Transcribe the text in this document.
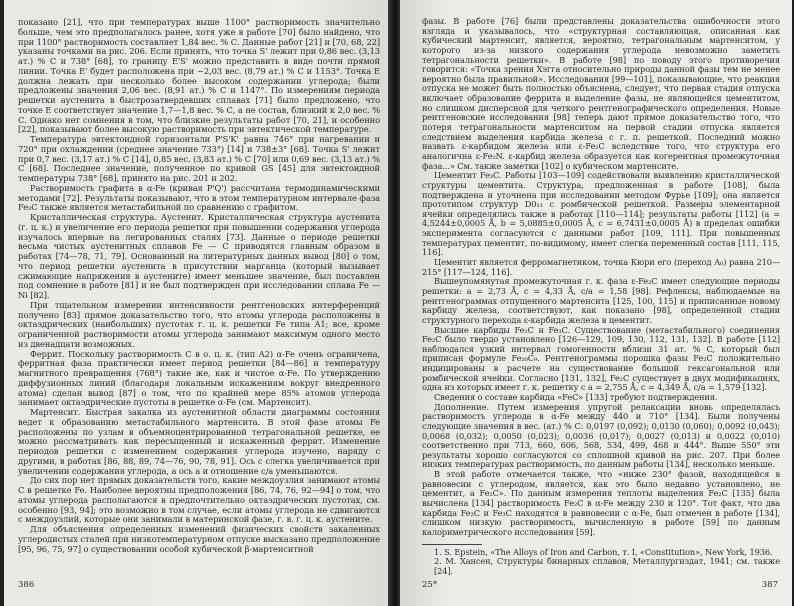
показано [21], что при температурах выше 1100° растворимость значительно больше, чем это предполагалось ранее, хотя уже в работе [70] было найдено, что при 1100° растворимость составляет 1,84 вес. % С. Данные работ [21] и [70, 68, 22] указаны точками на рис. 206. Если принять, что точка S' лежит при 0,86 вес. (3,13 ат.) % С и 738° [68], то границу E'S' можно представить в виде почти прямой линии. Точка E' будет расположена при ~2,03 вес. (8,79 ат.) % С и 1153°. Точка E должна лежать при несколько более высоком содержании углерода; были предложены значения 2,06 вес. (8,91 ат.) % С и 1147°. По измерениям периода решетки аустенита в быстрозатвердевших сплавах [71] было предложено, что точке E соответствует значение 1,7—1,8 вес. % С, а не состав, близкий к 2,0 вес. % С. Однако нет сомнения в том, что близкие результаты работ [70, 21], и особенно [22], показывают более высокую растворимость при эвтектической температуре.

Температура эвтектоидной горизонтали P'S'K' равна 746° при нагревании и 720° при охлаждении (среднее значение 733°) [14] и 738±3° [68]. Точка S' лежит при 0,7 вес. (3,17 ат.) % С [14], 0,85 вес. (3,83 ат.) % С [70] или 0,69 вес. (3,13 ат.) % С [68]. Последнее значение, полученное по кривой GS [45] для эвтектоидной температуры 738° [68], принято на рис. 201 и 202.

Растворимость графита в α-Fe (кривая P'Q') рассчитана термодинамическими методами [72]. Результаты показывают, что в этом температурном интервале фаза Fe₃C также является метастабильной по сравнению с графитом.

Кристаллическая структура. Аустенит. Кристаллическая структура аустенита (г. ц. к.) и увеличение его периода решетки при повышении содержания углерода изучалось впервые на легированных сталях [73]. Данные о периоде решетки весьма чистых аустенитных сплавов Fe — C приводятся главным образом в работах [74—78, 71, 79]. Основанный на литературных данных вывод [80] о том, что период решетки аустенита в присутствии марганца (который вызывает сжимающие напряжения в аустените) имеет меньшее значение, был поставлен под сомнение в работе [81] и не был подтвержден при исследовании сплава Fe — Ni [82].

При тщательном измерении интенсивности рентгеновских интерференций получено [83] прямое доказательство того, что атомы углерода расположены в октаэдрических (наибольших) пустотах г. ц. к. решетки Fe типа A1; все, кроме ограниченной растворимости атомы углерода занимают максимум одного место из двенадцати возможных.

Феррит. Поскольку растворимость С в о. ц. к. (тип A2) α-Fe очень ограничена, ферритная фаза практически имеет период решетки [84—86] и температуру магнитного превращения (768°) такие же, как и чистое α-Fe. По утверждению диффузионных линий (благодаря локальным искажениям вокруг внедренного атома) сделан вывод [87] о том, что по крайней мере 85% атомов углерода занимает октаэдрические пустоты в решетке α-Fe (см. Мартенсит).

Мартенсит. Быстрая закалка из аустенитной области диаграммы состояния ведет к образованию метастабильного мартенсита. В этой фазе атомы Fe расположены по узлам в объемноцентрированной тетрагональной решетке, ее можно рассматривать как пересыщенный и искаженный феррит. Изменение периодов решетки с изменением содержания углерода изучено, наряду с другими, в работах [86, 88, 89, 74—76, 90, 78, 91]. Ось c слегка увеличивается при увеличении содержания углерода, а ось a и отношение c/a уменьшаются.

До сих пор нет прямых доказательств того, какие междоузлия занимают атомы С в решетке Fe. Наиболее вероятны предположения [86, 74, 76, 92—94] о том, что атомы углерода располагаются в предпочтительно октаэдрических пустотах, см. особенно [93, 94]; это возможно в том случае, если атомы углерода не сдвигаются с междоузлий, которые они занимали в материнской фазе, г. в. г. ц. к. аустените.

Для объяснения определенных изменений физических свойств закаленных углеродистых сталей при низкотемпературном отпуске высказано предположение [95, 96, 75, 97] о существовании особой кубической β-мартенситной

386

фазы. В работе [76] были представлены доказательства ошибочности этого взгляда и указывалось, что «структурная составляющая, описанная как кубический мартенсит, является, вероятно, тетрагональным мартенситом, у которого из-за низкого содержания углерода невозможно заметить тетрагональности решетки». В работе [98] по поводу этого противоречия говорится: «Точка зрения Хэгга относительно природы данной фазы тем не менее вероятно была правильной». Исследования [99—101], показывающие, что реакция отпуска не может быть полностью объяснена, следует, что первая стадия отпуска включает образование феррита и выделение фазы, не являющейся цементитом, но слишком дисперсной для четкого рентгенографического определения. Новые рентгеновские исследования [98] теперь дают прямое доказательство того, что потеря тетрагональности мартенситом на первой стадии отпуска является следствием выделения карбида железа с г. п. решеткой. Последний можно назвать ε-карбидом железа или ε-Fe₂C вследствие того, что структура его аналогична ε-Fe₂N. ε-карбид железа образуется как когерентная промежуточная фаза...» См. также заметки [102] о кубическом мартенсите.

Цементит Fe₃C. Работы [103—109] содействовали выявлению кристаллической структуры цементита. Структура, предложенная в работе [108], была подтверждена и уточнена при исследовании методом Фурье [109]; она является прототипом структур D0₁₁ с ромбической решеткой. Размеры элементарной ячейки определялись также в работах [110—114]; результаты работы [112] (a = 4,5244±0,0005 Å, b = 5,0885±0,0005 Å, c = 6,7431±0,0005 Å) в пределах ошибки эксперимента согласуются с данными работ [109, 111]. При повышенных температурах цементит, по-видимому, имеет слегка переменный состав [111, 115, 116].

Цементит является ферромагнетиком, точка Кюри его (переход A₀) равна 210—215° [117—124, 116].

Вышеупомянутая промежуточная г. к. фаза ε-Fe₂C имеет следующие периоды решетки: a = 2,73 Å, c = 4,33 Å, c/a = 1,58 [98]. Рефлексы, наблюдаемые на рентгенограммах отпущенного мартенсита [125, 100, 115] и приписанные новому карбиду железа, соответствуют, как показано [98], определенной стадии структурного перехода ε-карбида железа в цементит.

Высшие карбиды Fe₂C и Fe₃C. Существование (метастабильного) соединения Fe₂C было твердо установлено [126—129, 109, 130, 112, 131, 132]. В работе [112] наблюдался узкий интервал гомогенности вблизи 31 ат. % C, который был приписан формуле Fe₂₀C₉. Рентгенограммы порошка фазы Fe₂C положительно индицированы в расчете на существование большой гексагональной или ромбической ячейки. Согласно [131, 132], Fe₂C существует в двух модификациях, одна из которых имеет г. к. решетку с a = 2,755 Å, c = 4,349 Å, c/a = 1,579 [132].

Сведения о составе карбида «FeC» [133] требуют подтверждения.

Дополнение. Путем измерения упругой релаксации вновь определялась растворимость углерода в α-Fe между 440 и 710° [134]. Были получены следующие значения в вес. (ат.) % C: 0,0197 (0,092); 0,0130 (0,060); 0,0092 (0,043); 0,0068 (0,032); 0,0050 (0,023); 0,0036 (0,017); 0,0027 (0,013) и 0,0022 (0,010) соответственно при 713, 660, 606, 568, 534, 499, 468 и 444°. Выше 550° эти результаты хорошо согласуются со сплошной кривой на рис. 207. При более низких температурах растворимость, по данным работы [134], несколько меньше.

В этой работе отмечается также, что «ниже 230° фазой, находящейся в равновесии с углеродом, является, как это было недавно установлено, не цементит, а Fe₂C». По данным измерения теплоты выделения Fe₂C [135] была вычислена [134] растворимость Fe₂C в α-Fe между 230 и 120°. Тот факт, что два карбида Fe₂C и Fe₃C находятся в равновесии с α-Fe, был отмечен в работе [134], слишком низкую растворимость, вычисленную в работе [59] по данным калориметрического исследования [59].

1. S. Epstein, «The Alloys of Iron and Carbon, т. I, «Constitution», New York, 1936.

2. М. Хансен, Структуры бинарных сплавов, Металлургиздат, 1941; см. также [24].

25*	387
